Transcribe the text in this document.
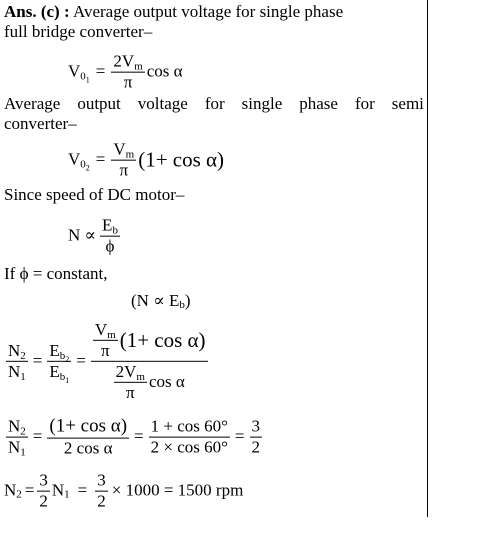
Ans. (c) : Average output voltage for single phase
full bridge converter–
V $0_1 = \frac{2Vm}{\pi}$ cos α
Average output voltage for single phase for semi
converter–
V $0_2 = \frac{Vm}{\pi} (1+ \cos \alpha)$
Since speed of DC motor–
$N \propto \frac{Eb}{\phi}$
If ϕ = constant,
(N ∝ E b )
$\frac{N2}{N1} = \frac{Eb_2}{Eb_1} = \frac{\frac{Vm}{\pi} (1+ \cos \alpha)}{\frac{2Vm}{\pi} \cos \alpha}$
$\frac{N2}{N1} = \frac{\text{(1+ cos α)}}{\text{2 cos α}} = \frac{1 + \cos 60^\circ}{2 \times \cos 60^\circ} = \frac{3}{2}$
N $2 = \frac{3}{2}$ N $1 = \frac{3}{2} \times 1000 = 1500$ rpm
